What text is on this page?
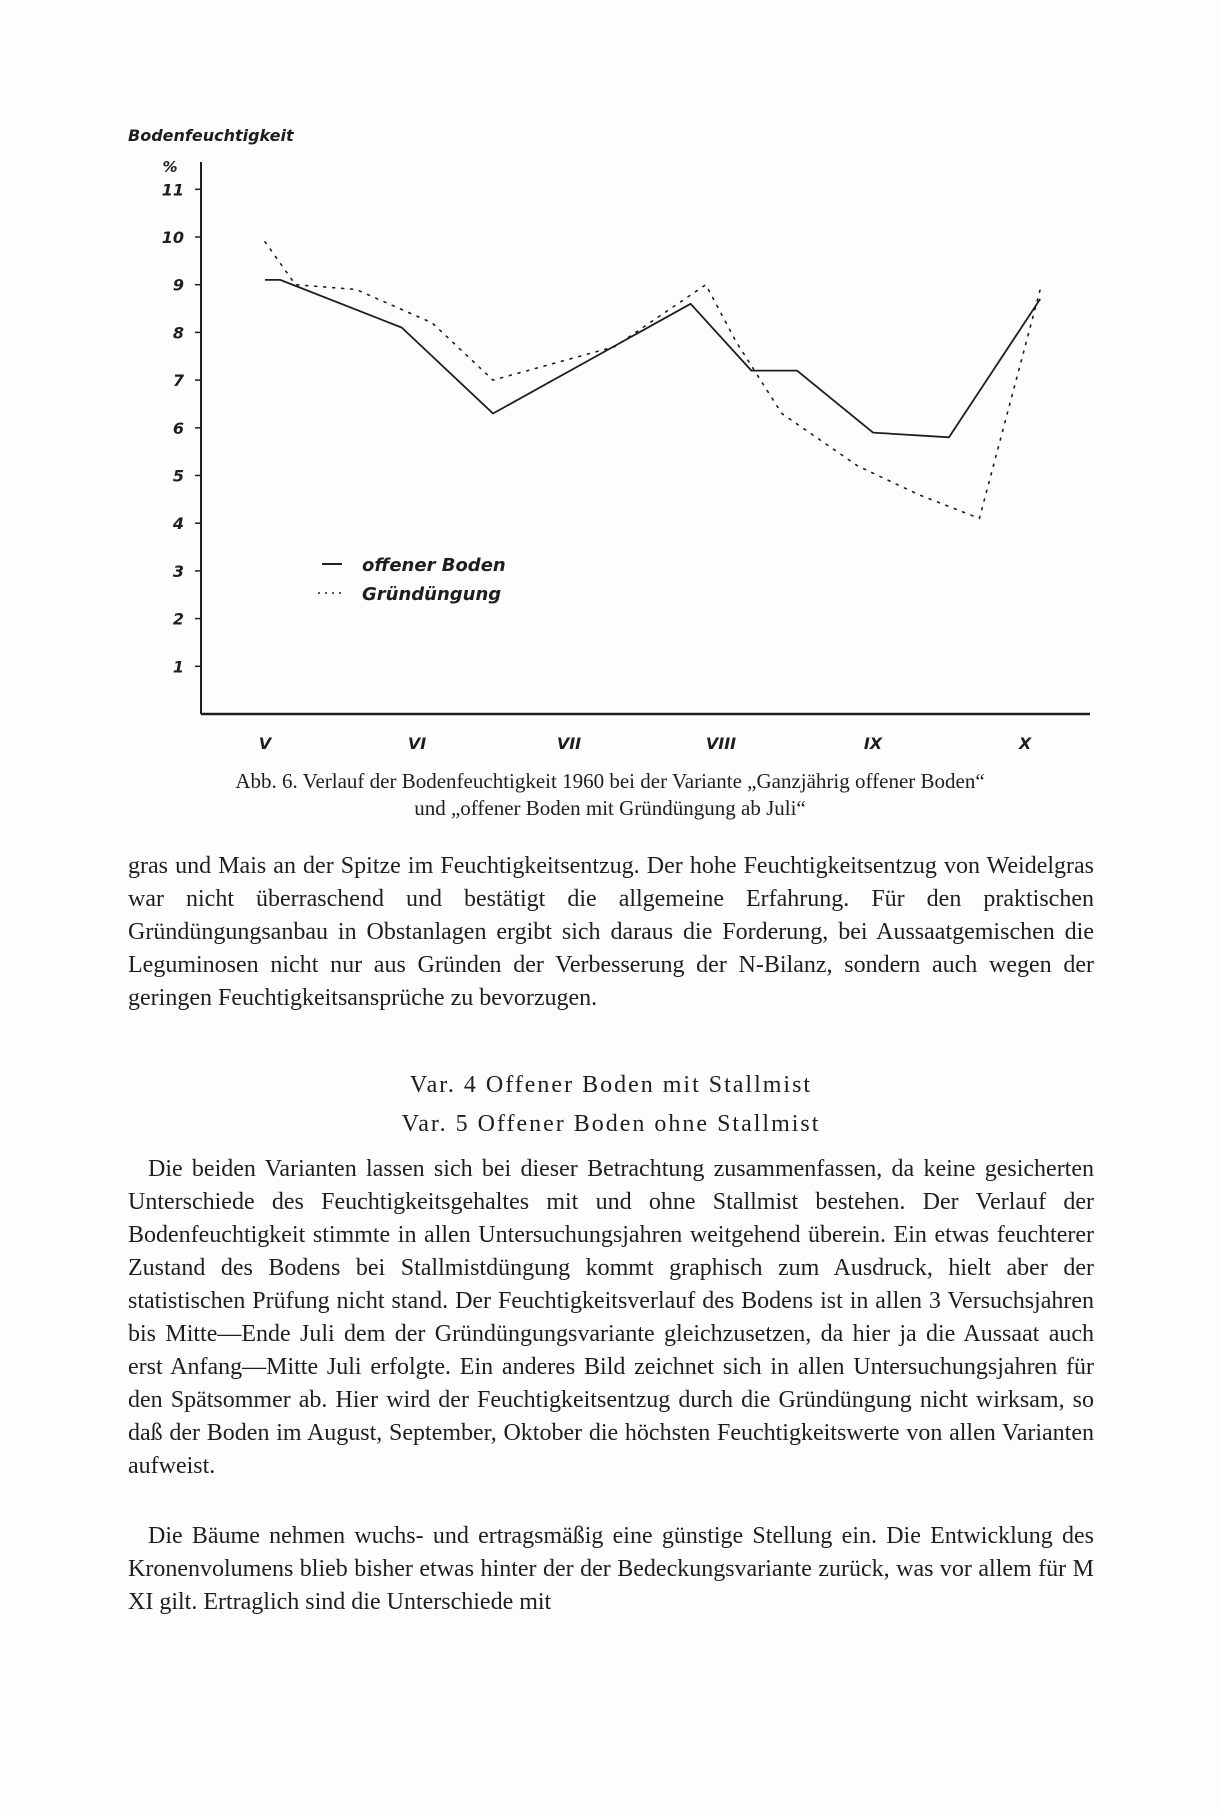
Bodenfeuchtigkeit
%
1
2
3
4
5
6
7
8
9
10
11
V	VI	VII	VIII	IX	X
offener Boden
Gründüngung
Abb. 6. Verlauf der Bodenfeuchtigkeit 1960 bei der Variante „Ganzjährig offener Boden“
und „offener Boden mit Gründüngung ab Juli“

gras und Mais an der Spitze im Feuchtigkeitsentzug. Der hohe Feuchtigkeitsentzug von Weidelgras war nicht überraschend und bestätigt die allgemeine Erfahrung. Für den praktischen Gründüngungsanbau in Obstanlagen ergibt sich daraus die Forderung, bei Aussaatgemischen die Leguminosen nicht nur aus Gründen der Verbesserung der N-Bilanz, sondern auch wegen der geringen Feuchtigkeitsansprüche zu bevorzugen.

Var. 4 Offener Boden mit Stallmist
Var. 5 Offener Boden ohne Stallmist

Die beiden Varianten lassen sich bei dieser Betrachtung zusammenfassen, da keine gesicherten Unterschiede des Feuchtigkeitsgehaltes mit und ohne Stallmist bestehen. Der Verlauf der Bodenfeuchtigkeit stimmte in allen Untersuchungsjahren weitgehend überein. Ein etwas feuchterer Zustand des Bodens bei Stallmistdüngung kommt graphisch zum Ausdruck, hielt aber der statistischen Prüfung nicht stand. Der Feuchtigkeitsverlauf des Bodens ist in allen 3 Versuchsjahren bis Mitte—Ende Juli dem der Gründüngungsvariante gleichzusetzen, da hier ja die Aussaat auch erst Anfang—Mitte Juli erfolgte. Ein anderes Bild zeichnet sich in allen Untersuchungsjahren für den Spätsommer ab. Hier wird der Feuchtigkeitsentzug durch die Gründüngung nicht wirksam, so daß der Boden im August, September, Oktober die höchsten Feuchtigkeitswerte von allen Varianten aufweist.

Die Bäume nehmen wuchs- und ertragsmäßig eine günstige Stellung ein. Die Entwicklung des Kronenvolumens blieb bisher etwas hinter der der Bedeckungsvariante zurück, was vor allem für M XI gilt. Ertraglich sind die Unterschiede mit
